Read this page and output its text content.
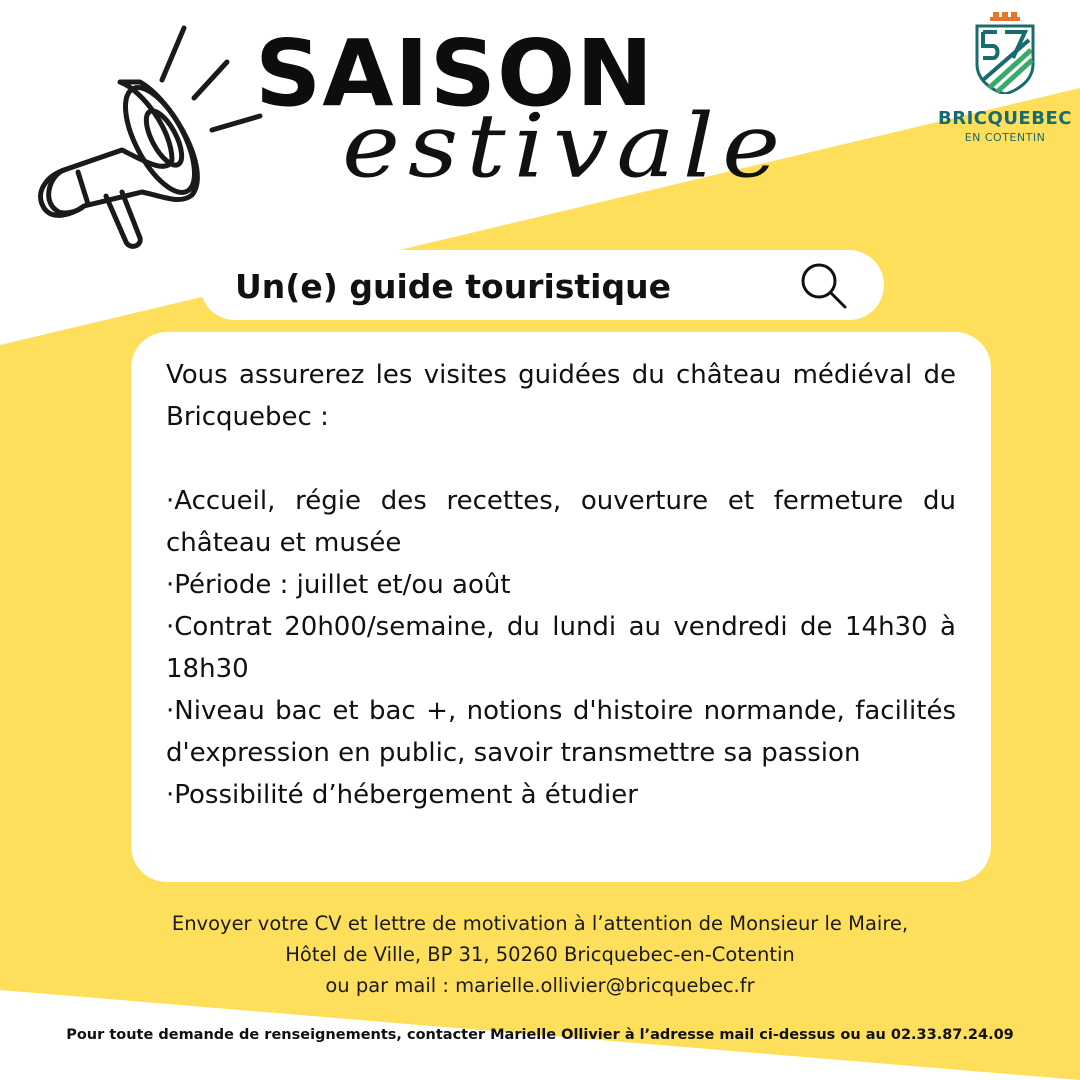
SAISON
estivale	BRICQUEBEC
EN COTENTIN
Un(e) guide touristique

Vous assurerez les visites guidées du château médiéval de Bricquebec :

·Accueil, régie des recettes, ouverture et fermeture du château et musée

·Période : juillet et/ou août

·Contrat 20h00/semaine, du lundi au vendredi de 14h30 à 18h30

·Niveau bac et bac +, notions d'histoire normande, facilités d'expression en public, savoir transmettre sa passion

·Possibilité d’hébergement à étudier

Envoyer votre CV et lettre de motivation à l’attention de Monsieur le Maire,
Hôtel de Ville, BP 31, 50260 Bricquebec-en-Cotentin
ou par mail : marielle.ollivier@bricquebec.fr
Pour toute demande de renseignements, contacter Marielle Ollivier à l’adresse mail ci-dessus ou au 02.33.87.24.09
